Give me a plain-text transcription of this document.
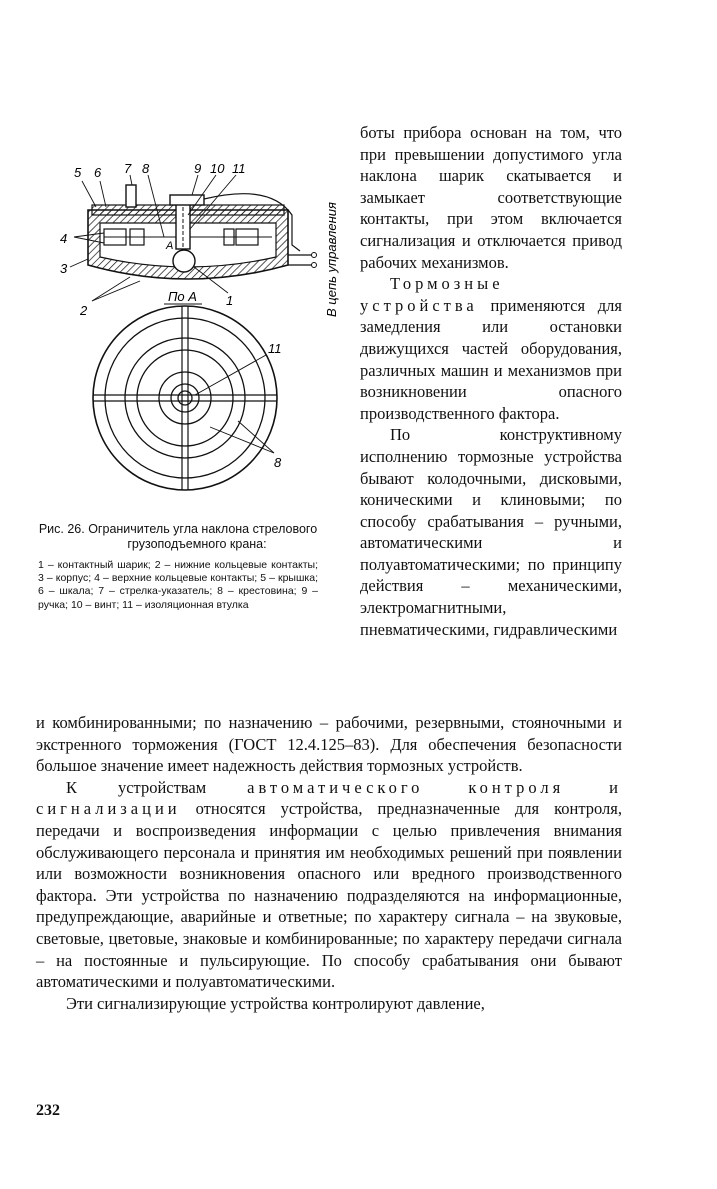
5 6 7 8	9 10 11
4
3
2
1
A
По А	В цепь управления
11
8
Рис. 26. Ограничитель угла наклона стрелового грузоподъемного крана:
1 – контактный шарик; 2 – нижние кольцевые контакты; 3 – корпус; 4 – верхние кольцевые контакты; 5 – крышка; 6 – шкала; 7 – стрелка-указатель; 8 – крестовина; 9 – ручка; 10 – винт; 11 – изоляционная втулка

боты прибора основан на том, что при превышении допустимого угла наклона шарик скатывается и замыкает соответствующие контакты, при этом включается сигнализация и отключается привод рабочих механизмов.

Тормозные устройства применяются для замедления или остановки движущихся частей оборудования, различных машин и механизмов при возникновении опасного производственного фактора.

По конструктивному исполнению тормозные устройства бывают колодочными, дисковыми, коническими и клиновыми; по способу срабатывания – ручными, автоматическими и полуавтоматическими; по принципу действия – механическими, электромагнитными, пневматическими, гидравлическими

и комбинированными; по назначению – рабочими, резервными, стояночными и экстренного торможения (ГОСТ 12.4.125–83). Для обеспечения безопасности большое значение имеет надежность действия тормозных устройств.

К устройствам автоматического контроля и сигнализации относятся устройства, предназначенные для контроля, передачи и воспроизведения информации с целью привлечения внимания обслуживающего персонала и принятия им необходимых решений при появлении или возможности возникновения опасного или вредного производственного фактора. Эти устройства по назначению подразделяются на информационные, предупреждающие, аварийные и ответные; по характеру сигнала – на звуковые, световые, цветовые, знаковые и комбинированные; по характеру передачи сигнала – на постоянные и пульсирующие. По способу срабатывания они бывают автоматическими и полуавтоматическими.

Эти сигнализирующие устройства контролируют давление,

232
